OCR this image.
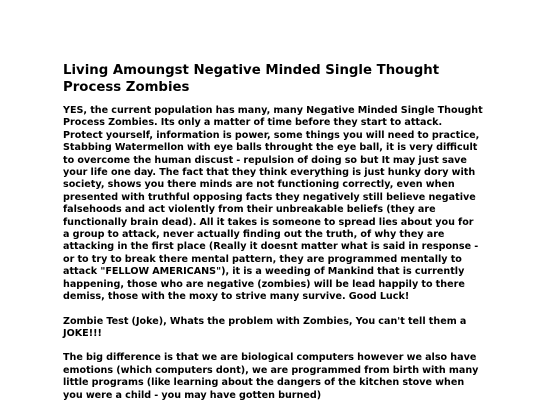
Living Amoungst Negative Minded Single Thought Process Zombies

YES, the current population has many, many Negative Minded Single Thought Process Zombies. Its only a matter of time before they start to attack. Protect yourself, information is power, some things you will need to practice, Stabbing Watermellon with eye balls throught the eye ball, it is very difficult to overcome the human discust - repulsion of doing so but It may just save your life one day. The fact that they think everything is just hunky dory with society, shows you there minds are not functioning correctly, even when presented with truthful opposing facts they negatively still believe negative falsehoods and act violently from their unbreakable beliefs (they are functionally brain dead). All it takes is someone to spread lies about you for a group to attack, never actually finding out the truth, of why they are attacking in the first place (Really it doesnt matter what is said in response - or to try to break there mental pattern, they are programmed mentally to attack "FELLOW AMERICANS"), it is a weeding of Mankind that is currently happening, those who are negative (zombies) will be lead happily to there demiss, those with the moxy to strive many survive. Good Luck!

Zombie Test (Joke), Whats the problem with Zombies, You can't tell them a JOKE!!!

The big difference is that we are biological computers however we also have emotions (which computers dont), we are programmed from birth with many little programs (like learning about the dangers of the kitchen stove when you were a child - you may have gotten burned)
